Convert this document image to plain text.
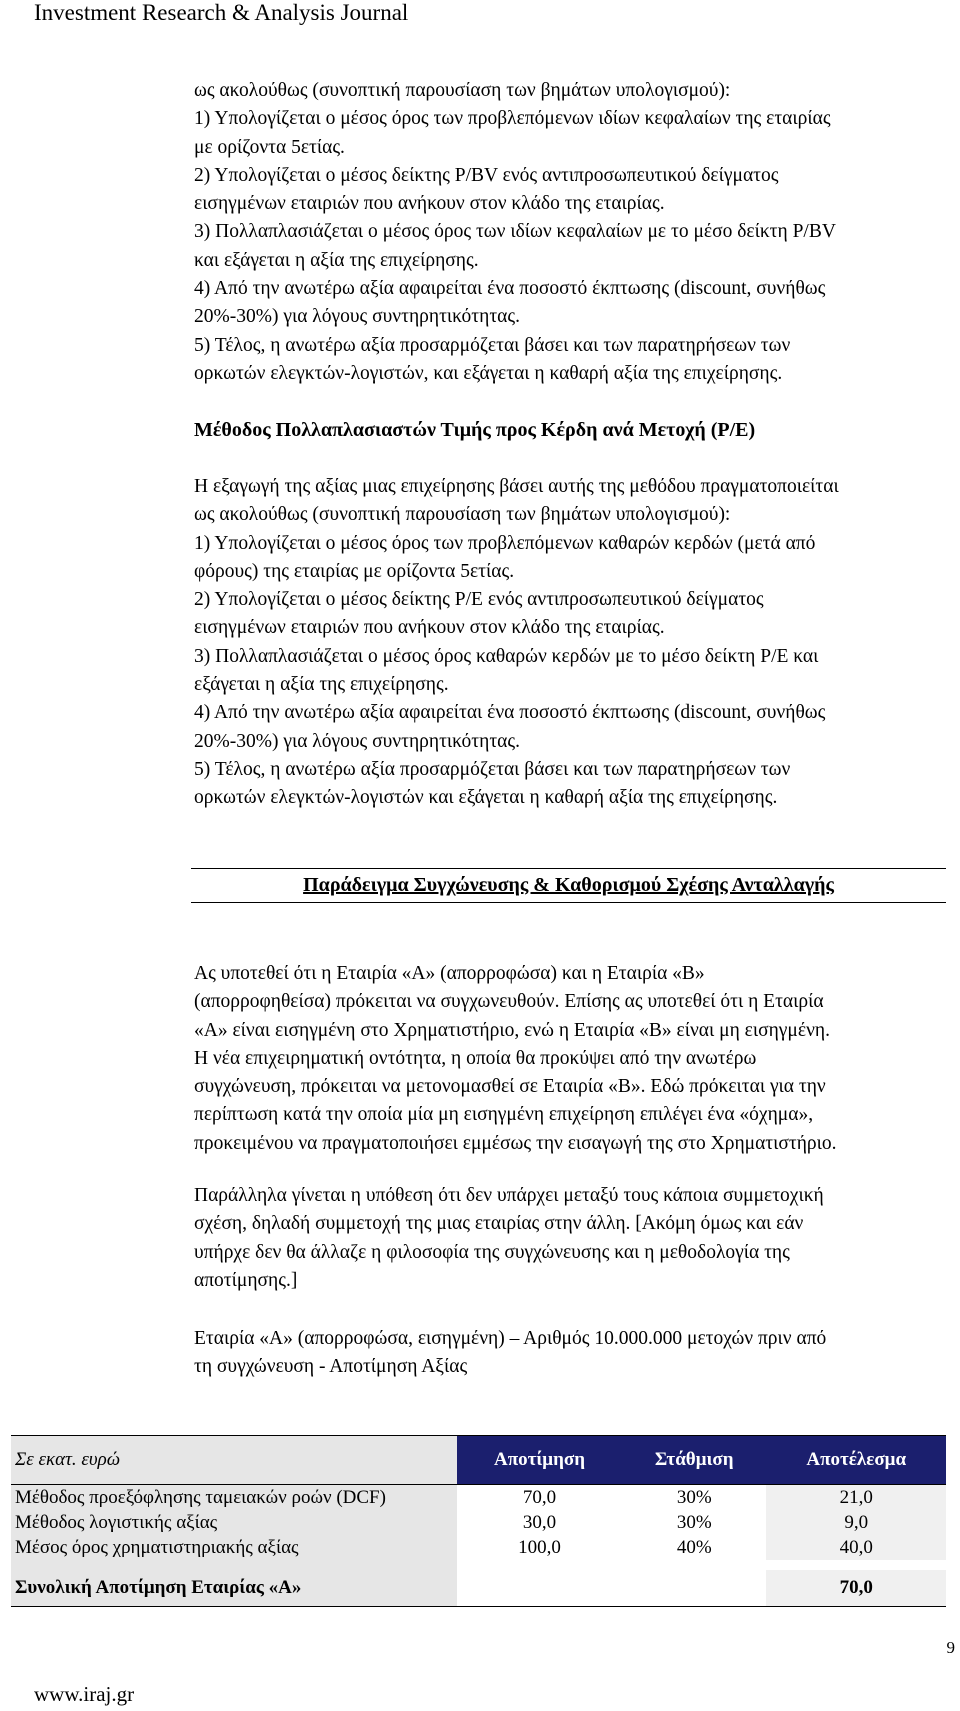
Investment Research & Analysis Journal

ως ακολούθως (συνοπτική παρουσίαση των βημάτων υπολογισμού):

1) Υπολογίζεται ο μέσος όρος των προβλεπόμενων ιδίων κεφαλαίων της εταιρίας

με ορίζοντα 5ετίας.

2) Υπολογίζεται ο μέσος δείκτης P/BV ενός αντιπροσωπευτικού δείγματος

εισηγμένων εταιριών που ανήκουν στον κλάδο της εταιρίας.

3) Πολλαπλασιάζεται ο μέσος όρος των ιδίων κεφαλαίων με το μέσο δείκτη P/BV

και εξάγεται η αξία της επιχείρησης.

4) Από την ανωτέρω αξία αφαιρείται ένα ποσοστό έκπτωσης (discount, συνήθως

20%-30%) για λόγους συντηρητικότητας.

5) Τέλος, η ανωτέρω αξία προσαρμόζεται βάσει και των παρατηρήσεων των

ορκωτών ελεγκτών-λογιστών, και εξάγεται η καθαρή αξία της επιχείρησης.

Μέθοδος Πολλαπλασιαστών Τιμής προς Κέρδη ανά Μετοχή (P/E)

Η εξαγωγή της αξίας μιας επιχείρησης βάσει αυτής της μεθόδου πραγματοποιείται

ως ακολούθως (συνοπτική παρουσίαση των βημάτων υπολογισμού):

1) Υπολογίζεται ο μέσος όρος των προβλεπόμενων καθαρών κερδών (μετά από

φόρους) της εταιρίας με ορίζοντα 5ετίας.

2) Υπολογίζεται ο μέσος δείκτης P/E ενός αντιπροσωπευτικού δείγματος

εισηγμένων εταιριών που ανήκουν στον κλάδο της εταιρίας.

3) Πολλαπλασιάζεται ο μέσος όρος καθαρών κερδών με το μέσο δείκτη P/E και

εξάγεται η αξία της επιχείρησης.

4) Από την ανωτέρω αξία αφαιρείται ένα ποσοστό έκπτωσης (discount, συνήθως

20%-30%) για λόγους συντηρητικότητας.

5) Τέλος, η ανωτέρω αξία προσαρμόζεται βάσει και των παρατηρήσεων των

ορκωτών ελεγκτών-λογιστών και εξάγεται η καθαρή αξία της επιχείρησης.

Παράδειγμα Συγχώνευσης & Καθορισμού Σχέσης Ανταλλαγής

Ας υποτεθεί ότι η Εταιρία «Α» (απορροφώσα) και η Εταιρία «Β»

(απορροφηθείσα) πρόκειται να συγχωνευθούν. Επίσης ας υποτεθεί ότι η Εταιρία

«Α» είναι εισηγμένη στο Χρηματιστήριο, ενώ η Εταιρία «Β» είναι μη εισηγμένη.

Η νέα επιχειρηματική οντότητα, η οποία θα προκύψει από την ανωτέρω

συγχώνευση, πρόκειται να μετονομασθεί σε Εταιρία «Β». Εδώ πρόκειται για την

περίπτωση κατά την οποία μία μη εισηγμένη επιχείρηση επιλέγει ένα «όχημα»,

προκειμένου να πραγματοποιήσει εμμέσως την εισαγωγή της στο Χρηματιστήριο.

Παράλληλα γίνεται η υπόθεση ότι δεν υπάρχει μεταξύ τους κάποια συμμετοχική

σχέση, δηλαδή συμμετοχή της μιας εταιρίας στην άλλη. [Ακόμη όμως και εάν

υπήρχε δεν θα άλλαζε η φιλοσοφία της συγχώνευσης και η μεθοδολογία της

αποτίμησης.]

Εταιρία «Α» (απορροφώσα, εισηγμένη) – Αριθμός 10.000.000 μετοχών πριν από

τη συγχώνευση - Αποτίμηση Αξίας

Σε εκατ. ευρώ	Αποτίμηση	Στάθμιση	Αποτέλεσμα
Μέθοδος προεξόφλησης ταμειακών ροών (DCF)	70,0	30%	21,0
Μέθοδος λογιστικής αξίας	30,0	30%	9,0
Μέσος όρος χρηματιστηριακής αξίας	100,0	40%	40,0

Συνολική Αποτίμηση Εταιρίας «Α»			70,0
9
www.iraj.gr
